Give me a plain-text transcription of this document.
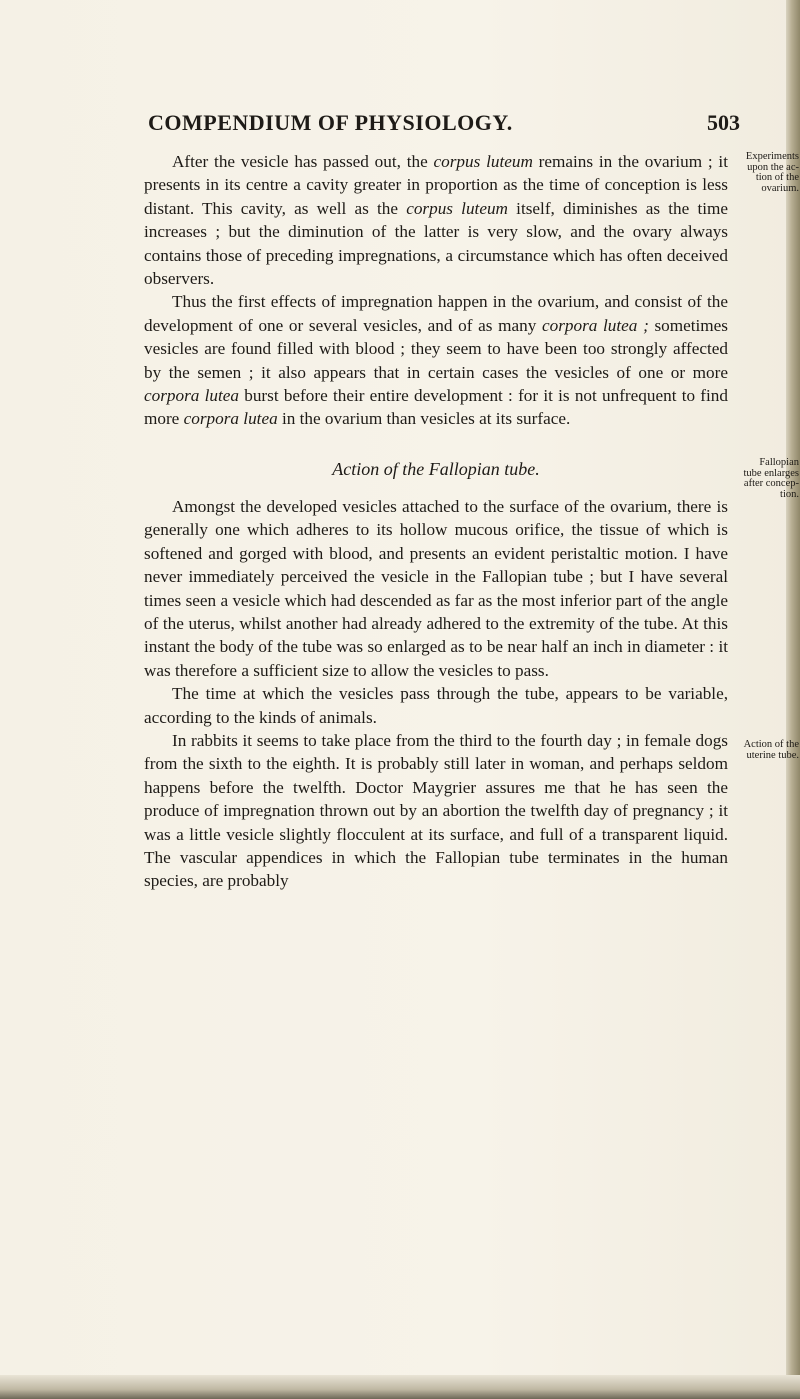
COMPENDIUM OF PHYSIOLOGY.	503

After the vesicle has passed out, the corpus luteum remains in the ovarium ; it presents in its centre a cavity greater in proportion as the time of conception is less distant. This cavity, as well as the corpus luteum itself, diminishes as the time increases ; but the diminution of the latter is very slow, and the ovary always contains those of preceding impregnations, a circumstance which has often deceived observers.

Thus the first effects of impregnation happen in the ovarium, and consist of the development of one or several vesicles, and of as many corpora lutea ; sometimes vesicles are found filled with blood ; they seem to have been too strongly affected by the semen ; it also appears that in certain cases the vesicles of one or more corpora lutea burst before their entire development : for it is not unfrequent to find more corpora lutea in the ovarium than vesicles at its surface.

Action of the Fallopian tube.

Amongst the developed vesicles attached to the surface of the ovarium, there is generally one which adheres to its hollow mucous orifice, the tissue of which is softened and gorged with blood, and presents an evident peristaltic motion. I have never immediately perceived the vesicle in the Fallopian tube ; but I have several times seen a vesicle which had descended as far as the most inferior part of the angle of the uterus, whilst another had already adhered to the extremity of the tube. At this instant the body of the tube was so enlarged as to be near half an inch in diameter : it was therefore a sufficient size to allow the vesicles to pass.

The time at which the vesicles pass through the tube, appears to be variable, according to the kinds of animals.

In rabbits it seems to take place from the third to the fourth day ; in female dogs from the sixth to the eighth. It is probably still later in woman, and perhaps seldom happens before the twelfth. Doctor Maygrier assures me that he has seen the produce of impregnation thrown out by an abortion the twelfth day of pregnancy ; it was a little vesicle slightly flocculent at its surface, and full of a transparent liquid. The vascular appendices in which the Fallopian tube terminates in the human species, are probably

Experiments
upon the ac-
tion of the
ovarium.
Fallopian
tube enlarges
after concep-
tion.
Action of the
uterine tube.
